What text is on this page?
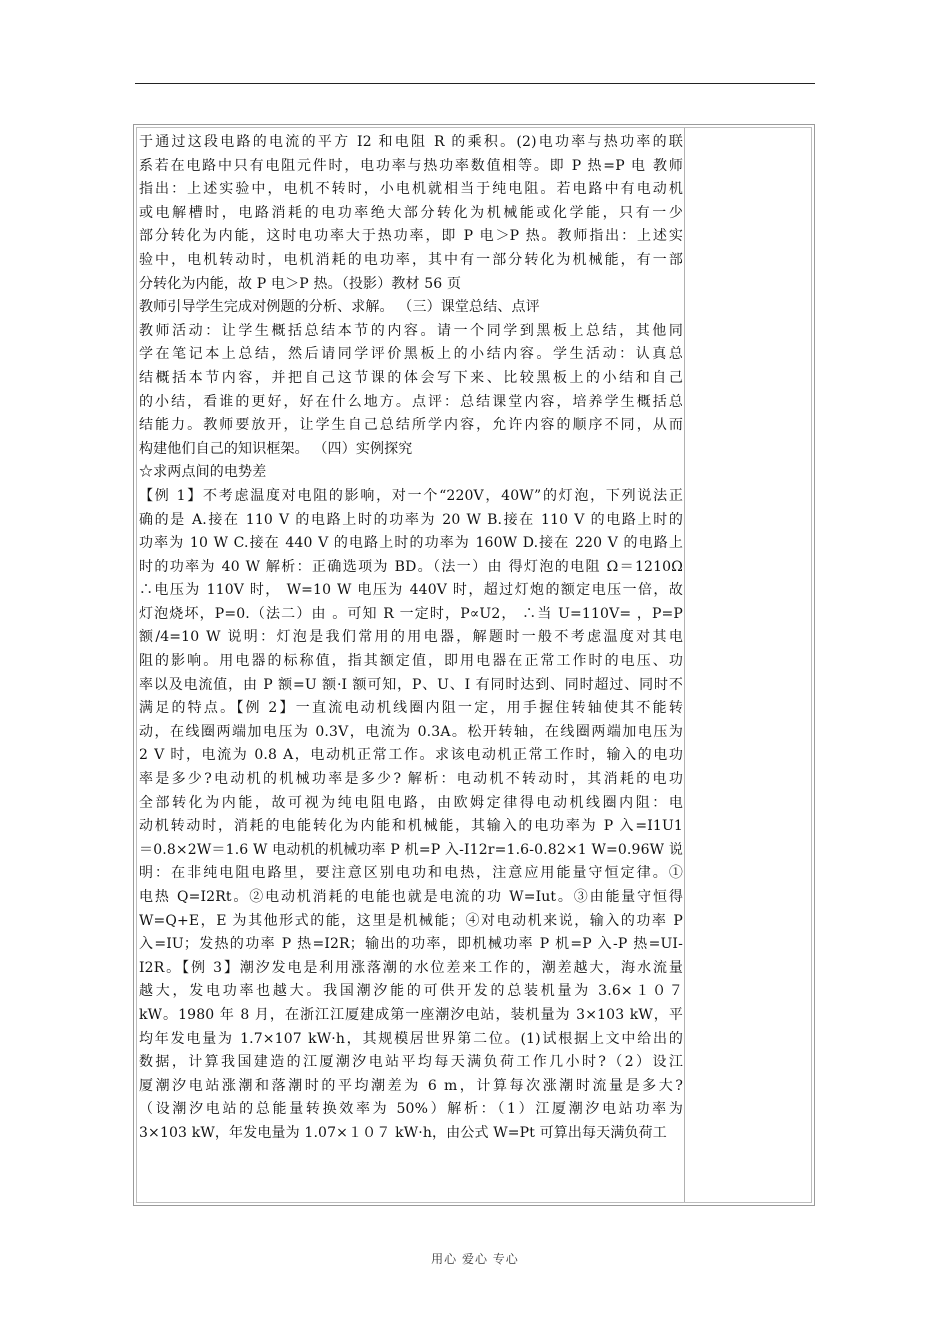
于通过这段电路的电流的平方 I2 和电阻 R 的乘积。(2)电功率与热功率的联
系若在电路中只有电阻元件时，电功率与热功率数值相等。即 P 热=P 电 教师
指出：上述实验中，电机不转时，小电机就相当于纯电阻。若电路中有电动机
或电解槽时，电路消耗的电功率绝大部分转化为机械能或化学能，只有一少
部分转化为内能，这时电功率大于热功率，即 P 电＞P 热。教师指出：上述实
验中，电机转动时，电机消耗的电功率，其中有一部分转化为机械能，有一部
分转化为内能，故 P 电＞P 热。（投影）教材 56 页
教师引导学生完成对例题的分析、求解。 （三）课堂总结、点评
教师活动：让学生概括总结本节的内容。请一个同学到黑板上总结，其他同
学在笔记本上总结，然后请同学评价黑板上的小结内容。学生活动：认真总
结概括本节内容，并把自己这节课的体会写下来、比较黑板上的小结和自己
的小结，看谁的更好，好在什么地方。点评：总结课堂内容，培养学生概括总
结能力。教师要放开，让学生自己总结所学内容，允许内容的顺序不同，从而
构建他们自己的知识框架。 （四）实例探究
☆求两点间的电势差
【例 1】不考虑温度对电阻的影响，对一个“220V，40W”的灯泡，下列说法正
确的是 A.接在 110 V 的电路上时的功率为 20 W B.接在 110 V 的电路上时的
功率为 10 W C.接在 440 V 的电路上时的功率为 160W D.接在 220 V 的电路上
时的功率为 40 W 解析：正确选项为 BD。（法一）由 得灯泡的电阻 Ω＝1210Ω
∴电压为 110V 时， W=10 W 电压为 440V 时，超过灯炮的额定电压一倍，故
灯泡烧坏，P=0.（法二）由 。可知 R 一定时，P∝U2， ∴当 U=110V= ，P=P
额/4=10 W 说明：灯泡是我们常用的用电器，解题时一般不考虑温度对其电
阻的影响。用电器的标称值，指其额定值，即用电器在正常工作时的电压、功
率以及电流值，由 P 额=U 额·I 额可知，P、U、I 有同时达到、同时超过、同时不
满足的特点。【例 2】一直流电动机线圈内阻一定，用手握住转轴使其不能转
动，在线圈两端加电压为 0.3V，电流为 0.3A。松开转轴，在线圈两端加电压为
2 V 时，电流为 0.8 A，电动机正常工作。求该电动机正常工作时，输入的电功
率是多少?电动机的机械功率是多少? 解析：电动机不转动时，其消耗的电功
全部转化为内能，故可视为纯电阻电路，由欧姆定律得电动机线圈内阻：电
动机转动时，消耗的电能转化为内能和机械能，其输入的电功率为 P 入=I1U1
＝0.8×2W＝1.6 W 电动机的机械功率 P 机=P 入-I12r=1.6-0.82×1 W=0.96W 说
明：在非纯电阻电路里，要注意区别电功和电热，注意应用能量守恒定律。①
电热 Q=I2Rt。②电动机消耗的电能也就是电流的功 W=Iut。③由能量守恒得
W=Q+E，E 为其他形式的能，这里是机械能；④对电动机来说，输入的功率 P
入=IU；发热的功率 P 热=I2R；输出的功率，即机械功率 P 机=P 入-P 热=UI-
I2R。【例 3】潮汐发电是利用涨落潮的水位差来工作的，潮差越大，海水流量
越大，发电功率也越大。我国潮汐能的可供开发的总装机量为 3.6×１０７
kW。1980 年 8 月，在浙江江厦建成第一座潮汐电站，装机量为 3×103 kW，平
均年发电量为 1.7×107 kW·h，其规模居世界第二位。(1)试根据上文中给出的
数据，计算我国建造的江厦潮汐电站平均每天满负荷工作几小时?（2）设江
厦潮汐电站涨潮和落潮时的平均潮差为 6 m，计算每次涨潮时流量是多大?
（设潮汐电站的总能量转换效率为 50%）解析：（1）江厦潮汐电站功率为
3×103 kW，年发电量为 1.07×１０７ kW·h，由公式 W=Pt 可算出每天满负荷工
用心 爱心 专心
